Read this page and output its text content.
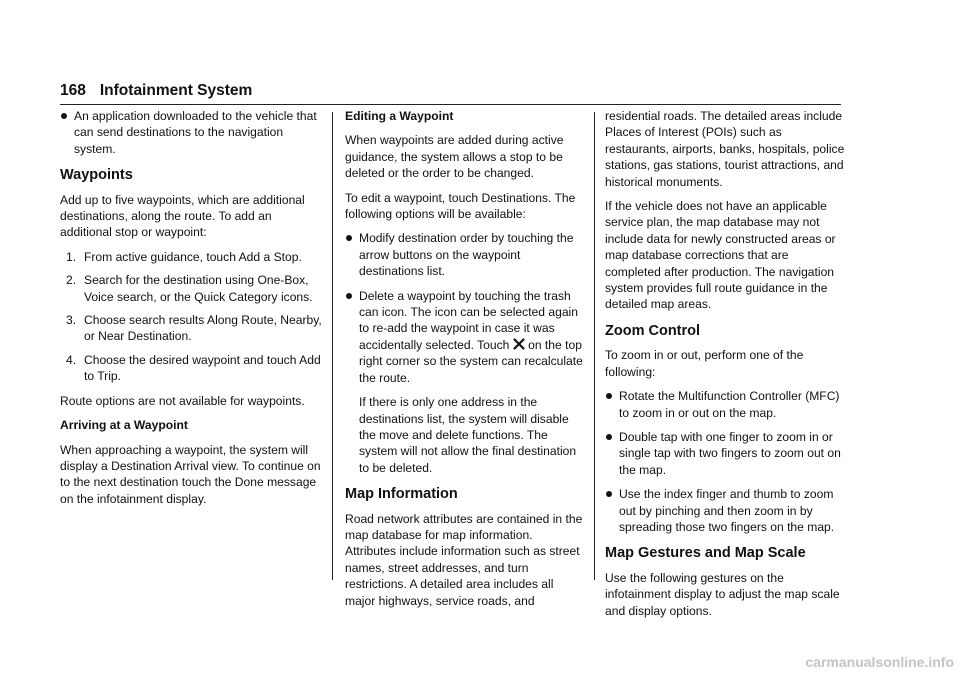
168 Infotainment System
An application downloaded to the vehicle that can send destinations to the navigation system.
Waypoints

Add up to five waypoints, which are additional destinations, along the route. To add an additional stop or waypoint:

1. From active guidance, touch Add a Stop.
2. Search for the destination using One-Box, Voice search, or the Quick Category icons.
3. Choose search results Along Route, Nearby, or Near Destination.
4. Choose the desired waypoint and touch Add to Trip.

Route options are not available for waypoints.

Arriving at a Waypoint

When approaching a waypoint, the system will display a Destination Arrival view. To continue on to the next destination touch the Done message on the infotainment display.

Editing a Waypoint

When waypoints are added during active guidance, the system allows a stop to be deleted or the order to be changed.

To edit a waypoint, touch Destinations. The following options will be available:

Modify destination order by touching the arrow buttons on the waypoint destinations list.
Delete a waypoint by touching the trash can icon. The icon can be selected again to re-add the waypoint in case it was accidentally selected. Touch on the top right corner so the system can recalculate the route.

If there is only one address in the destinations list, the system will disable the move and delete functions. The system will not allow the final destination to be deleted.

Map Information

Road network attributes are contained in the map database for map information. Attributes include information such as street names, street addresses, and turn restrictions. A detailed area includes all major highways, service roads, and

residential roads. The detailed areas include Places of Interest (POIs) such as restaurants, airports, banks, hospitals, police stations, gas stations, tourist attractions, and historical monuments.

If the vehicle does not have an applicable service plan, the map database may not include data for newly constructed areas or map database corrections that are completed after production. The navigation system provides full route guidance in the detailed map areas.

Zoom Control

To zoom in or out, perform one of the following:

Rotate the Multifunction Controller (MFC) to zoom in or out on the map.
Double tap with one finger to zoom in or single tap with two fingers to zoom out on the map.
Use the index finger and thumb to zoom out by pinching and then zoom in by spreading those two fingers on the map.
Map Gestures and Map Scale

Use the following gestures on the infotainment display to adjust the map scale and display options.

carmanualsonline.info
